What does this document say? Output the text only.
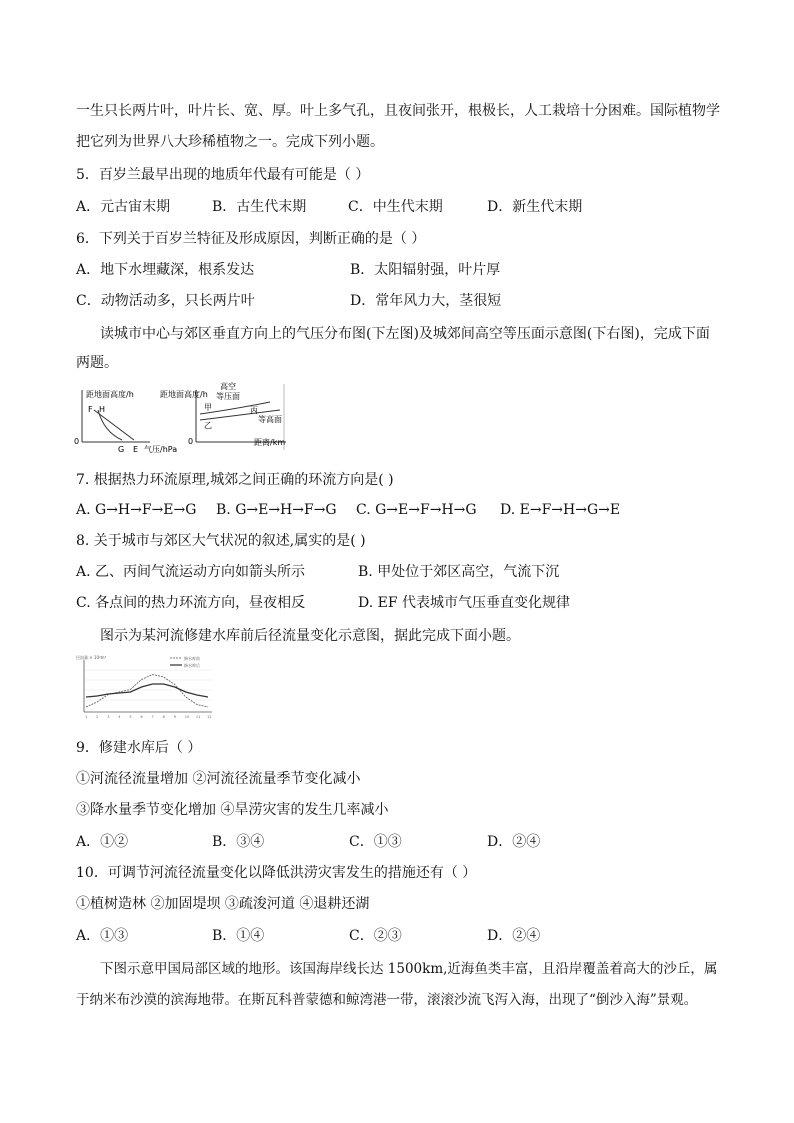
一生只长两片叶，叶片长、宽、厚。叶上多气孔，且夜间张开，根极长，人工栽培十分困难。国际植物学
把它列为世界八大珍稀植物之一。完成下列小题。
5．百岁兰最早出现的地质年代最有可能是（ ）
A．元古宙末期	B．古生代末期	C．中生代末期	D．新生代末期
6．下列关于百岁兰特征及形成原因，判断正确的是（ ）
A．地下水埋藏深，根系发达	B．太阳辐射强，叶片厚
C．动物活动多，只长两片叶	D．常年风力大，茎很短
读城市中心与郊区垂直方向上的气压分布图(下左图)及城郊间高空等压面示意图(下右图)，完成下面
两题。
0
距地面高度/h
气压/hPa
F H
G E
0
距地面高度/h
距离/km
高空
等压面
甲	丙
乙
等高面
7. 根据热力环流原理,城郊之间正确的环流方向是( )
A. G→H→F→E→G B. G→E→H→F→G C. G→E→F→H→G D. E→F→H→G→E
8. 关于城市与郊区大气状况的叙述,属实的是( )
A. 乙、丙间气流运动方向如箭头所示	B. 甲处位于郊区高空，气流下沉
C. 各点间的热力环流方向，昼夜相反	D. EF 代表城市气压垂直变化规律
图示为某河流修建水库前后径流量变化示意图，据此完成下面小题。
径流量 × 10⁴m³	修水库前
修水库后
1	2	3	4	5	6	7	8	9	10 11 12
9．修建水库后（ ）
①河流径流量增加 ②河流径流量季节变化减小
③降水量季节变化增加 ④旱涝灾害的发生几率减小
A．①②	B．③④	C．①③	D．②④
10．可调节河流径流量变化以降低洪涝灾害发生的措施还有（ ）
①植树造林 ②加固堤坝 ③疏浚河道 ④退耕还湖
A．①③	B．①④	C．②③	D．②④
下图示意甲国局部区域的地形。该国海岸线长达 1500km,近海鱼类丰富，且沿岸覆盖着高大的沙丘，属
于纳米布沙漠的滨海地带。在斯瓦科普蒙德和鲸湾港一带，滚滚沙流飞泻入海，出现了“倒沙入海”景观。
